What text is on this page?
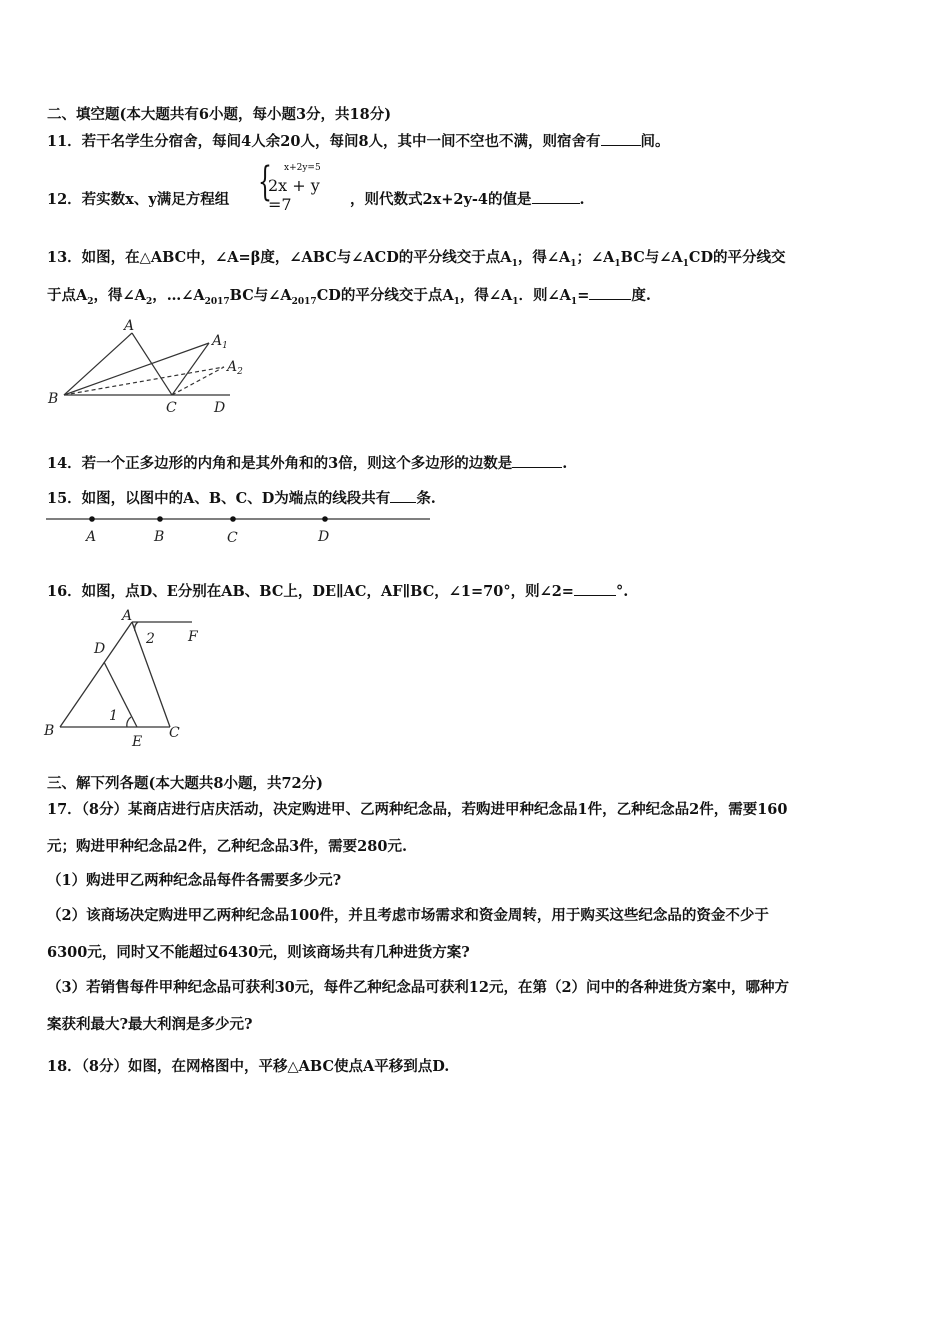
二、填空题(本大题共有6小题，每小题3分，共18分)
11．若干名学生分宿舍，每间4人余20人，每间8人，其中一间不空也不满，则宿舍有	间。
12．若实数x、y满足方程组 { x+2y=5
2x + y =7	，则代数式2x+2y-4的值是	.
13．如图，在△ABC中，∠A=β度，∠ABC与∠ACD的平分线交于点$A_1$，得$\angle A_1$；$\angle A_1BC$与$\angle A_1CD$的平分线交
于点$A_2$，得$\angle A_2$，$\dots\angle A_{2017}BC$与$\angle A_{2017}CD$的平分线交于点$A_1$，得$\angle A_1$．则$\angle A_1=$	度.
A
$A_1$
$A_2$
B
C	D
14．若一个正多边形的内角和是其外角和的3倍，则这个多边形的边数是	.
15．如图，以图中的A、B、C、D为端点的线段共有 条.
A	B	C	D
16．如图，点D、E分别在AB、BC上，DE∥AC，AF∥BC，∠1=70°，则∠2=	°.
A
D
B
E
C
F
2
1
三、解下列各题(本大题共8小题，共72分)
17．（8分）某商店进行店庆活动，决定购进甲、乙两种纪念品，若购进甲种纪念品1件，乙种纪念品2件，需要160
元；购进甲种纪念品2件，乙种纪念品3件，需要280元.
（1）购进甲乙两种纪念品每件各需要多少元?
（2）该商场决定购进甲乙两种纪念品100件，并且考虑市场需求和资金周转，用于购买这些纪念品的资金不少于
6300元，同时又不能超过6430元，则该商场共有几种进货方案?
（3）若销售每件甲种纪念品可获利30元，每件乙种纪念品可获利12元，在第（2）问中的各种进货方案中，哪种方
案获利最大?最大利润是多少元?
18．（8分）如图，在网格图中，平移△ABC使点A平移到点D.
